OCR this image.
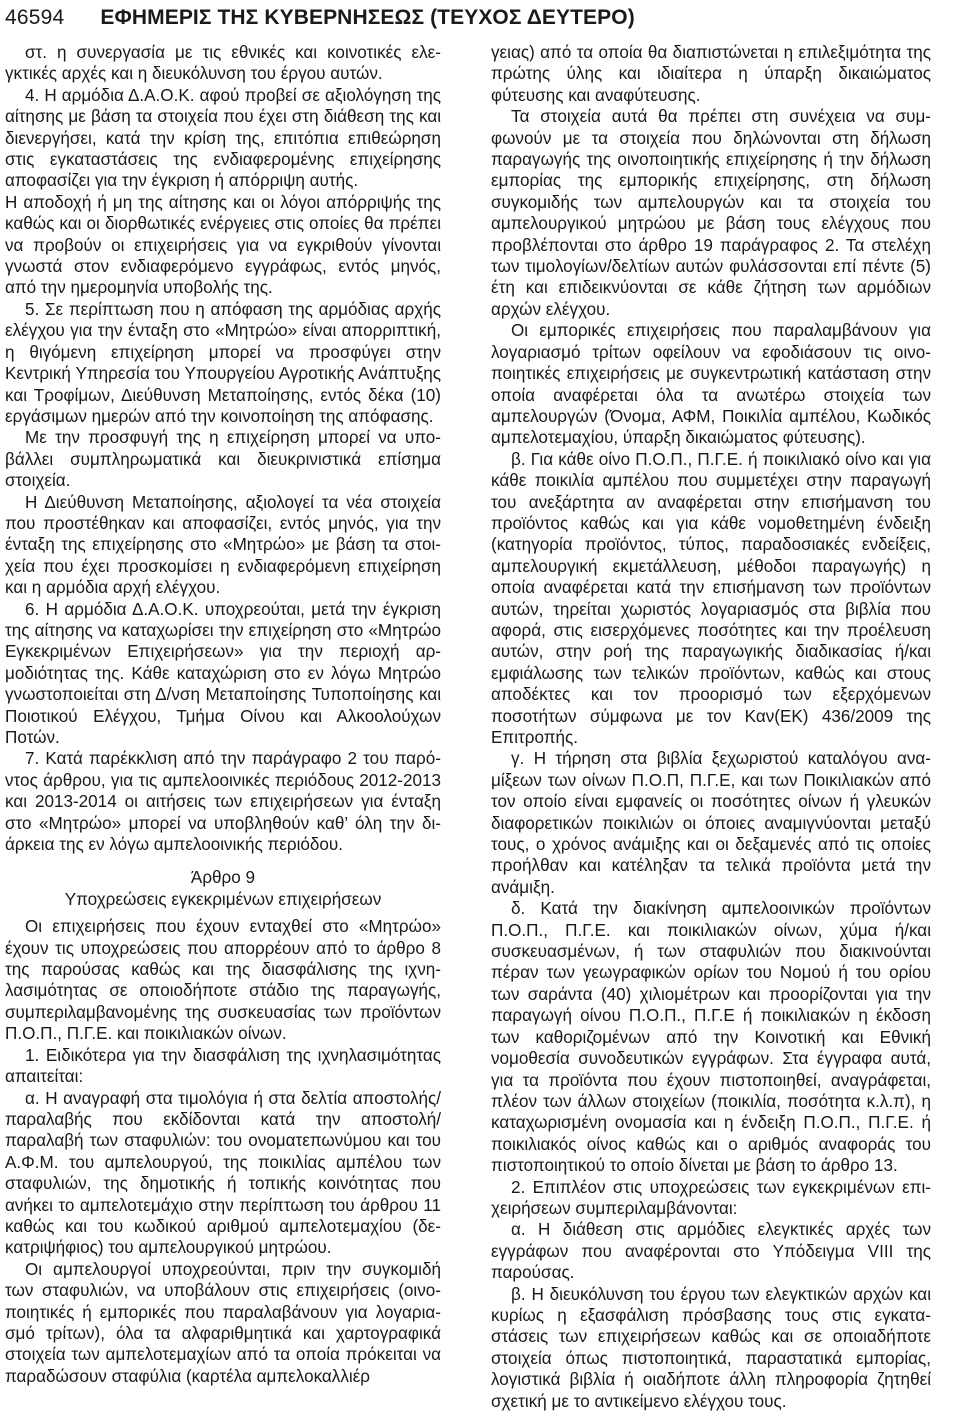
46594 ΕΦΗΜΕΡΙΣ ΤΗΣ ΚΥΒΕΡΝΗΣΕΩΣ (ΤΕΥΧΟΣ ΔΕΥΤΕΡΟ)

στ. η συνεργασία με τις εθνικές και κοινοτικές ελεγκτικές αρχές και η διευκόλυνση του έργου αυτών.

4. Η αρμόδια Δ.Α.Ο.Κ. αφού προβεί σε αξιολόγηση της αίτησης με βάση τα στοιχεία που έχει στη διάθεση της και διενεργήσει, κατά την κρίση της, επιτόπια επιθεώρηση στις εγκαταστάσεις της ενδιαφερομένης επιχείρησης αποφασίζει για την έγκριση ή απόρριψη αυτής.

Η αποδοχή ή μη της αίτησης και οι λόγοι απόρριψής της καθώς και οι διορθωτικές ενέργειες στις οποίες θα πρέπει να προβούν οι επιχειρήσεις για να εγκριθούν γίνονται γνωστά στον ενδιαφερόμενο εγγράφως, εντός μηνός, από την ημερομηνία υποβολής της.

5. Σε περίπτωση που η απόφαση της αρμόδιας αρχής ελέγχου για την ένταξη στο «Μητρώο» είναι απορριπτική, η θιγόμενη επιχείρηση μπορεί να προσφύγει στην Κεντρική Υπηρεσία του Υπουργείου Αγροτικής Ανάπτυξης και Τροφίμων, Διεύθυνση Μεταποίησης, εντός δέκα (10) εργάσιμων ημερών από την κοινοποίηση της απόφασης.

Με την προσφυγή της η επιχείρηση μπορεί να υποβάλλει συμπληρωματικά και διευκρινιστικά επίσημα στοιχεία.

Η Διεύθυνση Μεταποίησης, αξιολογεί τα νέα στοιχεία που προστέθηκαν και αποφασίζει, εντός μηνός, για την ένταξη της επιχείρησης στο «Μητρώο» με βάση τα στοιχεία που έχει προσκομίσει η ενδιαφερόμενη επιχείρηση και η αρμόδια αρχή ελέγχου.

6. Η αρμόδια Δ.Α.Ο.Κ. υποχρεούται, μετά την έγκριση της αίτησης να καταχωρίσει την επιχείρηση στο «Μητρώο Εγκεκριμένων Επιχειρήσεων» για την περιοχή αρμοδιότητας της. Κάθε καταχώριση στο εν λόγω Μητρώο γνωστοποιείται στη Δ/νση Μεταποίησης Τυποποίησης και Ποιοτικού Ελέγχου, Τμήμα Οίνου και Αλκοολούχων Ποτών.

7. Κατά παρέκκλιση από την παράγραφο 2 του παρόντος άρθρου, για τις αμπελοοινικές περιόδους 2012-2013 και 2013-2014 οι αιτήσεις των επιχειρήσεων για ένταξη στο «Μητρώο» μπορεί να υποβληθούν καθ’ όλη την διάρκεια της εν λόγω αμπελοοινικής περιόδου.

Άρθρο 9

Υποχρεώσεις εγκεκριμένων επιχειρήσεων

Οι επιχειρήσεις που έχουν ενταχθεί στο «Μητρώο» έχουν τις υποχρεώσεις που απορρέουν από το άρθρο 8 της παρούσας καθώς και της διασφάλισης της ιχνηλασιμότητας σε οποιοδήποτε στάδιο της παραγωγής, συμπεριλαμβανομένης της συσκευασίας των προϊόντων Π.Ο.Π., Π.Γ.Ε. και ποικιλιακών οίνων.

1. Ειδικότερα για την διασφάλιση της ιχνηλασιμότητας απαιτείται:

α. Η αναγραφή στα τιμολόγια ή στα δελτία αποστολής/παραλαβής που εκδίδονται κατά την αποστολή/ παραλαβή των σταφυλιών: του ονοματεπωνύμου και του Α.Φ.Μ. του αμπελουργού, της ποικιλίας αμπέλου των σταφυλιών, της δημοτικής ή τοπικής κοινότητας που ανήκει το αμπελοτεμάχιο στην περίπτωση του άρθρου 11 καθώς και του κωδικού αριθμού αμπελοτεμαχίου (δεκατριψήφιος) του αμπελουργικού μητρώου.

Οι αμπελουργοί υποχρεούνται, πριν την συγκομιδή των σταφυλιών, να υποβάλουν στις επιχειρήσεις (οινοποιητικές ή εμπορικές που παραλαβάνουν για λογαριασμό τρίτων), όλα τα αλφαριθμητικά και χαρτογραφικά στοιχεία των αμπελοτεμαχίων από τα οποία πρόκειται να παραδώσουν σταφύλια (καρτέλα αμπελοκαλλιέρ

γειας) από τα οποία θα διαπιστώνεται η επιλεξιμότητα της πρώτης ύλης και ιδιαίτερα η ύπαρξη δικαιώματος φύτευσης και αναφύτευσης.

Τα στοιχεία αυτά θα πρέπει στη συνέχεια να συμφωνούν με τα στοιχεία που δηλώνονται στη δήλωση παραγωγής της οινοποιητικής επιχείρησης ή την δήλωση εμπορίας της εμπορικής επιχείρησης, στη δήλωση συγκομιδής των αμπελουργών και τα στοιχεία του αμπελουργικού μητρώου με βάση τους ελέγχους που προβλέπονται στο άρθρο 19 παράγραφος 2. Τα στελέχη των τιμολογίων/δελτίων αυτών φυλάσσονται επί πέντε (5) έτη και επιδεικνύονται σε κάθε ζήτηση των αρμόδιων αρχών ελέγχου.

Οι εμπορικές επιχειρήσεις που παραλαμβάνουν για λογαριασμό τρίτων οφείλουν να εφοδιάσουν τις οινοποιητικές επιχειρήσεις με συγκεντρωτική κατάσταση στην οποία αναφέρεται όλα τα ανωτέρω στοιχεία των αμπελουργών (Όνομα, ΑΦΜ, Ποικιλία αμπέλου, Κωδικός αμπελοτεμαχίου, ύπαρξη δικαιώματος φύτευσης).

β. Για κάθε οίνο Π.Ο.Π., Π.Γ.Ε. ή ποικιλιακό οίνο και για κάθε ποικιλία αμπέλου που συμμετέχει στην παραγωγή του ανεξάρτητα αν αναφέρεται στην επισήμανση του προϊόντος καθώς και για κάθε νομοθετημένη ένδειξη (κατηγορία προϊόντος, τύπος, παραδοσιακές ενδείξεις, αμπελουργική εκμετάλλευση, μέθοδοι παραγωγής) η οποία αναφέρεται κατά την επισήμανση των προϊόντων αυτών, τηρείται χωριστός λογαριασμός στα βιβλία που αφορά, στις εισερχόμενες ποσότητες και την προέλευση αυτών, στην ροή της παραγωγικής διαδικασίας ή/και εμφιάλωσης των τελικών προϊόντων, καθώς και στους αποδέκτες και τον προορισμό των εξερχόμενων ποσοτήτων σύμφωνα με τον Καν(ΕΚ) 436/2009 της Επιτροπής.

γ. Η τήρηση στα βιβλία ξεχωριστού καταλόγου αναμίξεων των οίνων Π.Ο.Π, Π.Γ.Ε, και των Ποικιλιακών από τον οποίο είναι εμφανείς οι ποσότητες οίνων ή γλευκών διαφορετικών ποικιλιών οι όποιες αναμιγνύονται μεταξύ τους, ο χρόνος ανάμιξης και οι δεξαμενές από τις οποίες προήλθαν και κατέληξαν τα τελικά προϊόντα μετά την ανάμιξη.

δ. Κατά την διακίνηση αμπελοοινικών προϊόντων Π.Ο.Π., Π.Γ.Ε. και ποικιλιακών οίνων, χύμα ή/και συσκευασμένων, ή των σταφυλιών που διακινούνται πέραν των γεωγραφικών ορίων του Νομού ή του ορίου των σαράντα (40) χιλιομέτρων και προορίζονται για την παραγωγή οίνου Π.Ο.Π., Π.Γ.Ε ή ποικιλιακών η έκδοση των καθοριζομένων από την Κοινοτική και Εθνική νομοθεσία συνοδευτικών εγγράφων. Στα έγγραφα αυτά, για τα προϊόντα που έχουν πιστοποιηθεί, αναγράφεται, πλέον των άλλων στοιχείων (ποικιλία, ποσότητα κ.λ.π), η καταχωρισμένη ονομασία και η ένδειξη Π.Ο.Π., Π.Γ.Ε. ή ποικιλιακός οίνος καθώς και ο αριθμός αναφοράς του πιστοποιητικού το οποίο δίνεται με βάση το άρθρο 13.

2. Επιπλέον στις υποχρεώσεις των εγκεκριμένων επιχειρήσεων συμπεριλαμβάνονται:

α. Η διάθεση στις αρμόδιες ελεγκτικές αρχές των εγγράφων που αναφέρονται στο Υπόδειγμα VIII της παρούσας.

β. Η διευκόλυνση του έργου των ελεγκτικών αρχών και κυρίως η εξασφάλιση πρόσβασης τους στις εγκαταστάσεις των επιχειρήσεων καθώς και σε οποιαδήποτε στοιχεία όπως πιστοποιητικά, παραστατικά εμπορίας, λογιστικά βιβλία ή οιαδήποτε άλλη πληροφορία ζητηθεί σχετική με το αντικείμενο ελέγχου τους.
